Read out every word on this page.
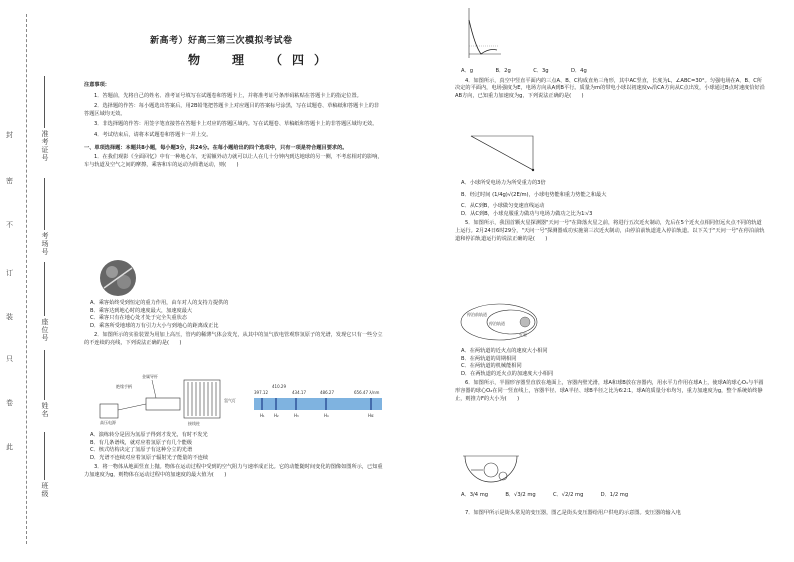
封
密
不
订
装
只
卷
此
准考证号
考场号
座位号
姓名
班级
新高考）好高三第三次模拟考试卷
物　理　（四）

注意事项：

1．答题前，先将自己的姓名、准考证号填写在试题卷和答题卡上，并将准考证号条形码粘贴在答题卡上的指定位置。

2．选择题的作答：每小题选出答案后，用2B铅笔把答题卡上对应题目的答案标号涂黑，写在试题卷、草稿纸和答题卡上的非答题区域均无效。

3．非选择题的作答：用签字笔直接答在答题卡上对应的答题区域内。写在试题卷、草稿纸和答题卡上的非答题区域均无效。

4．考试结束后，请将本试题卷和答题卡一并上交。

一、单项选择题：本题共8小题，每小题3分，共24分。在每小题给出的四个选项中，只有一项是符合题目要求的。

1．在我们观影《全面回忆》中有一种地心车，无需额外动力就可以让人在几十分钟内到达地球的另一侧，不考虑相对的影响，车与轨道及空气之间的摩擦，乘客和车的运动为简谐运动，则(　　)

A．乘客始终受到恒定的重力作用，由车对人的支持力提供的

B．乘客达到地心时的速度最大，加速度最大

C．乘客只有在地心处才处于完全失重状态

D．乘客所受地球的万有引力大小与到地心的距离成正比

2．如图所示的实验装置为用加上高压，管内的稀薄气体会发光，从其中的氢气放电管观察氢原子的光谱，发现它只有一些分立的不连续的亮线，下列说法正确的是(　　)

金属导杆
绝缘手柄
高压电源	接线柱
氢气灯
397.12
410.29
434.17	486.27	656.47 λ/nm
H₁ H₂	H₃	H₄	Hα

A．演练转分是因为氢原子得到才发光，有时不发光

B．有几条谱线，就对应着氢原子有几个能级

C．核式结构决定了氢原子有这种分立的光谱

D．光谱不连续对应着氢原子辐射光子能量的不连续

3．将一物体从地面竖直上抛。物体在运动过程中受到的空气阻力与速率成正比。它的动能随时间变化的图像如图所示，已知重力加速度为g，则物体在运动过程中的加速度的最大值为(　　)

A．g　　　　	B．2g　　　　	C．3g　　　　	D．4g

4．如图所示，真空中竖直平面内的三点A、B、C构成直角三角形，其中AC竖直，长度为L，∠ABC=30°。匀强电场在A、B、C所决定的平面内，电场强度为E，电场方向从A到B平行。质量为m的带电小球以初速度v₀沿CA方向从C点出发，小球通过B点时速度恰好沿AB方向，已知重力加速度为g，下列说法正确的是(　　)

A．小球所受电场力为所受重力的3倍

B．经过时间 (1/4g)√(2E/m)，小球电势能和重力势能之和最大

C．从C到B，小球做匀变速直线运动

D．从C到B，小球克服重力做功与电场力做功之比为1∶√3

5．如图所示，我国首颗火星探测器"天问一号"在降落火星之前，将进行五次近火制动，先后在5个近火点相同但远火点不同的轨道上运行。2月24日6时29分，"天问一号"探测器成功实施第三次近火制动，由停泊前轨道进入停泊轨道。以下关于"天问一号"在停泊前轨道和停泊轨道运行的说法正确的是(　　)

停泊前轨道
停泊轨道
火星

A．在两轨道的近火点的速度大小相同

B．在两轨道的周期相同

C．在两轨道的机械能相同

D．在两轨道的近火点的加速度大小相同

6．如图所示，半圆形容器竖直放在地面上，容器内壁光滑，球A和球B放在容器内，用水平力作用在球A上，使球A的球心O₁与半圆形容器的球心O₂在同一竖直线上，容器半径、球A半径、球B半径之比为6∶2∶1，球A的质量分布均匀，重力加速度为g，整个系统始终静止，则推力F的大小为(　　)

A．3/4 mg　　　	B．√3/2 mg　　　	C．√2/2 mg　　　	D．1/2 mg

7．如图甲所示是街头常见的变压器，图乙是街头变压器给用户供电的示意图。变压器的输入电
